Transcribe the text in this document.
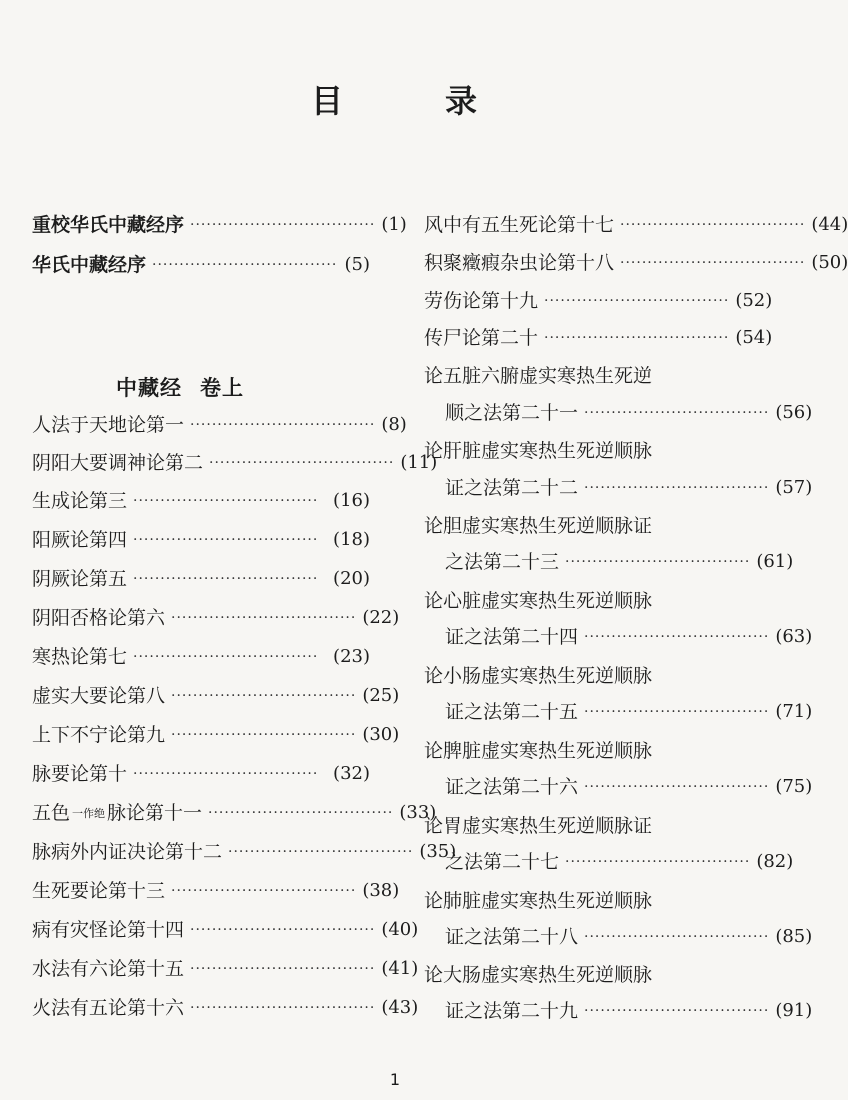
目	录
重校华氏中藏经序 ·································· (1)
华氏中藏经序 ·································· (5)
中藏经 卷上
人法于天地论第一 ·································· (8)
阴阳大要调神论第二 ·································· (11)
生成论第三 ·································· (16)
阳厥论第四 ·································· (18)
阴厥论第五 ·································· (20)
阴阳否格论第六 ·································· (22)
寒热论第七 ·································· (23)
虚实大要论第八 ·································· (25)
上下不宁论第九 ·································· (30)
脉要论第十 ·································· (32)
五色 一作绝 脉论第十一 ·································· (33)
脉病外内证决论第十二 ·································· (35)
生死要论第十三 ·································· (38)
病有灾怪论第十四 ·································· (40)
水法有六论第十五 ·································· (41)
火法有五论第十六 ·································· (43)
风中有五生死论第十七 ·································· (44)
积聚癥瘕杂虫论第十八 ·································· (50)
劳伤论第十九 ·································· (52)
传尸论第二十 ·································· (54)
论五脏六腑虚实寒热生死逆
顺之法第二十一 ·································· (56)
论肝脏虚实寒热生死逆顺脉
证之法第二十二 ·································· (57)
论胆虚实寒热生死逆顺脉证
之法第二十三 ·································· (61)
论心脏虚实寒热生死逆顺脉
证之法第二十四 ·································· (63)
论小肠虚实寒热生死逆顺脉
证之法第二十五 ·································· (71)
论脾脏虚实寒热生死逆顺脉
证之法第二十六 ·································· (75)
论胃虚实寒热生死逆顺脉证
之法第二十七 ·································· (82)
论肺脏虚实寒热生死逆顺脉
证之法第二十八 ·································· (85)
论大肠虚实寒热生死逆顺脉
证之法第二十九 ·································· (91)
1
